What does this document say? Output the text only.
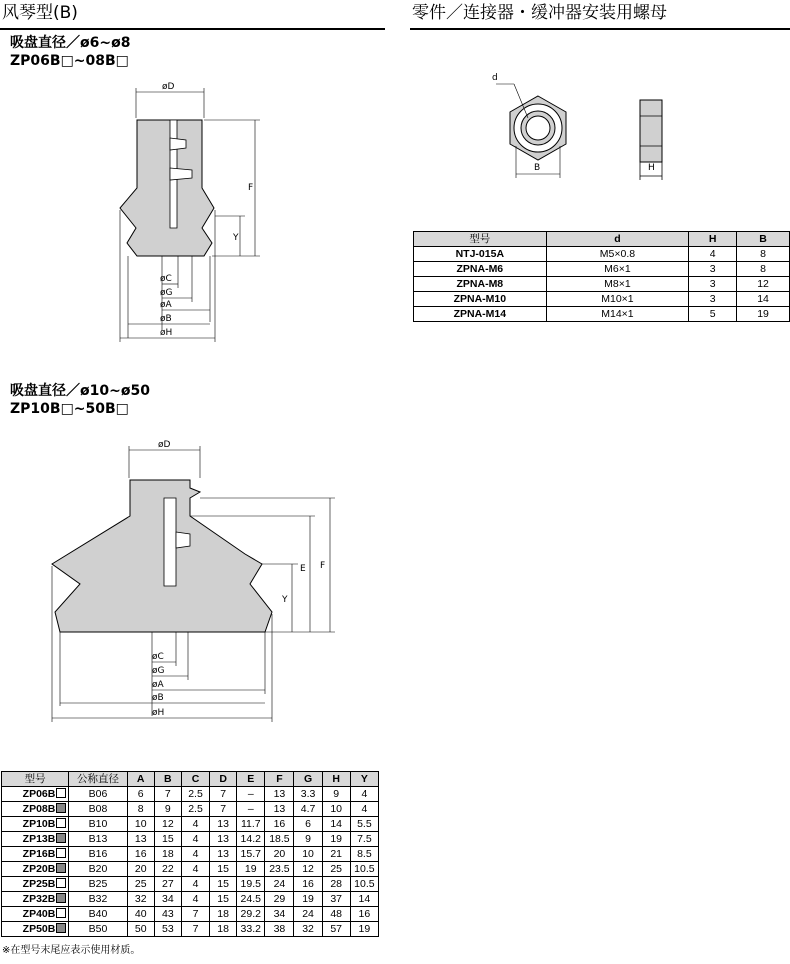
风琴型(B)	零件／连接器・缓冲器安装用螺母
吸盘直径／ø6~ø8
ZP06B□~08B□
吸盘直径／ø10~ø50
ZP10B□~50B□
øD
F
Y
øC
øG
øA
øB
øH
øD
F
E
Y
øC
øG
øA
øB
øH
d
B	H
型号	d	H	B
NTJ-015A	M5×0.8	4	8
ZPNA-M6	M6×1	3	8
ZPNA-M8	M8×1	3	12
ZPNA-M10	M10×1	3	14
ZPNA-M14	M14×1	5	19
型号	公称直径	A	B	C	D	E	F	G	H	Y
ZP06B	B06	6	7	2.5	7	–	13	3.3	9	4
ZP08B	B08	8	9	2.5	7	–	13	4.7	10	4
ZP10B	B10	10	12	4	13	11.7	16	6	14	5.5
ZP13B	B13	13	15	4	13	14.2	18.5	9	19	7.5
ZP16B	B16	16	18	4	13	15.7	20	10	21	8.5
ZP20B	B20	20	22	4	15	19	23.5	12	25	10.5
ZP25B	B25	25	27	4	15	19.5	24	16	28	10.5
ZP32B	B32	32	34	4	15	24.5	29	19	37	14
ZP40B	B40	40	43	7	18	29.2	34	24	48	16
ZP50B	B50	50	53	7	18	33.2	38	32	57	19
※在型号末尾应表示使用材质。
